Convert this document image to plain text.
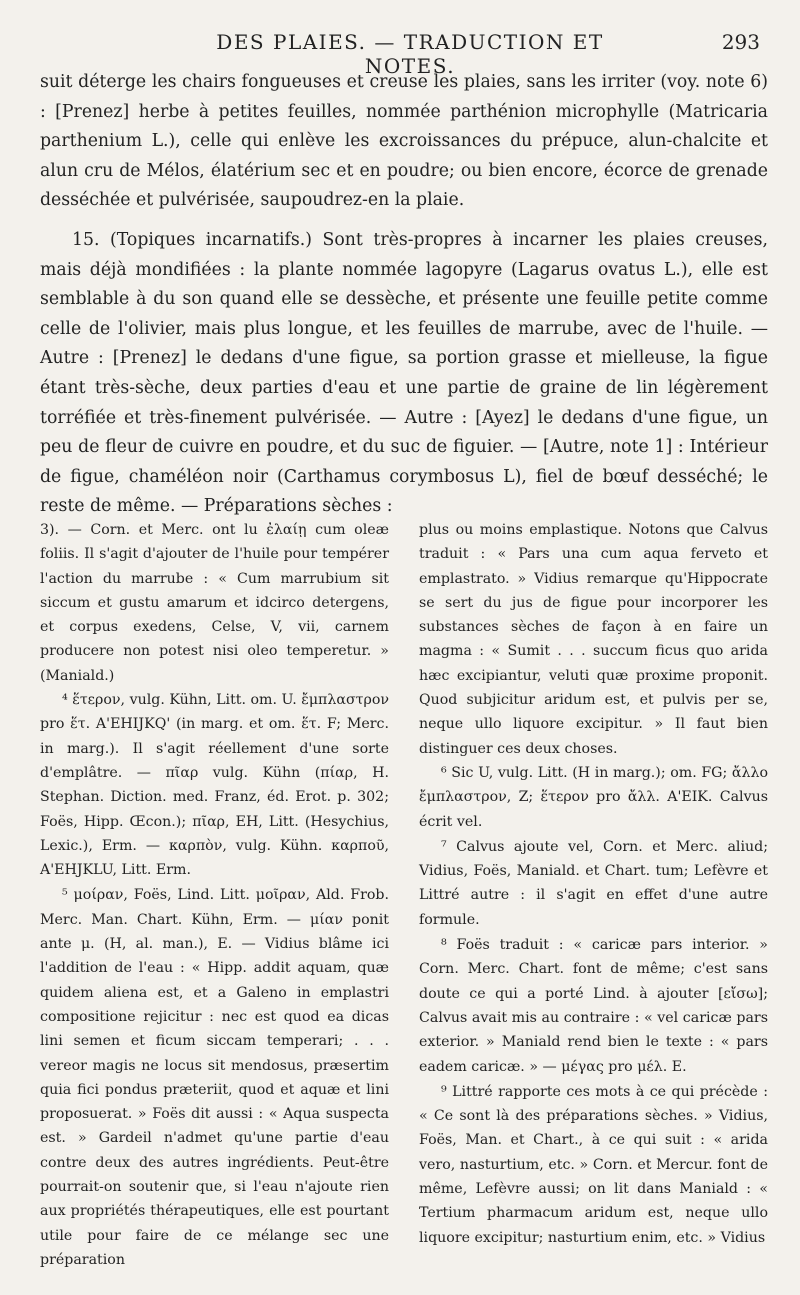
DES PLAIES. — TRADUCTION ET NOTES.
293

suit déterge les chairs fongueuses et creuse les plaies, sans les irriter (voy. note 6) : [Prenez] herbe à petites feuilles, nommée parthénion microphylle (Matricaria parthenium L.), celle qui enlève les excroissances du prépuce, alun-chalcite et alun cru de Mélos, élatérium sec et en poudre; ou bien encore, écorce de grenade desséchée et pulvérisée, saupoudrez-en la plaie.

15. (Topiques incarnatifs.) Sont très-propres à incarner les plaies creuses, mais déjà mondifiées : la plante nommée lagopyre (Lagarus ovatus L.), elle est semblable à du son quand elle se dessèche, et présente une feuille petite comme celle de l'olivier, mais plus longue, et les feuilles de marrube, avec de l'huile. — Autre : [Prenez] le dedans d'une figue, sa portion grasse et mielleuse, la figue étant très-sèche, deux parties d'eau et une partie de graine de lin légèrement torréfiée et très-finement pulvérisée. — Autre : [Ayez] le dedans d'une figue, un peu de fleur de cuivre en poudre, et du suc de figuier. — [Autre, note 1] : Intérieur de figue, chaméléon noir (Carthamus corymbosus L), fiel de bœuf desséché; le reste de même. — Préparations sèches :

3). — Corn. et Merc. ont lu ἐλαίῃ cum oleæ foliis. Il s'agit d'ajouter de l'huile pour tempérer l'action du marrube : « Cum marrubium sit siccum et gustu amarum et idcirco detergens, et corpus exedens, Celse, V, vii, carnem producere non potest nisi oleo temperetur. » (Maniald.)

⁴ ἕτερον, vulg. Kühn, Litt. om. U. ἔμπλαστρον pro ἕτ. A'EHIJKQ' (in marg. et om. ἕτ. F; Merc. in marg.). Il s'agit réellement d'une sorte d'emplâtre. — πῖαρ vulg. Kühn (πίαρ, H. Stephan. Diction. med. Franz, éd. Erot. p. 302; Foës, Hipp. Œcon.); πῖαρ, EH, Litt. (Hesychius, Lexic.), Erm. — καρπὸν, vulg. Kühn. καρποῦ, A'EHJKLU, Litt. Erm.

⁵ μοίραν, Foës, Lind. Litt. μοῖραν, Ald. Frob. Merc. Man. Chart. Kühn, Erm. — μίαν ponit ante μ. (H, al. man.), E. — Vidius blâme ici l'addition de l'eau : « Hipp. addit aquam, quæ quidem aliena est, et a Galeno in emplastri compositione rejicitur : nec est quod ea dicas lini semen et ficum siccam temperari; . . . vereor magis ne locus sit mendosus, præsertim quia fici pondus præteriit, quod et aquæ et lini proposuerat. » Foës dit aussi : « Aqua suspecta est. » Gardeil n'admet qu'une partie d'eau contre deux des autres ingrédients. Peut-être pourrait-on soutenir que, si l'eau n'ajoute rien aux propriétés thérapeutiques, elle est pourtant utile pour faire de ce mélange sec une préparation

plus ou moins emplastique. Notons que Calvus traduit : « Pars una cum aqua ferveto et emplastrato. » Vidius remarque qu'Hippocrate se sert du jus de figue pour incorporer les substances sèches de façon à en faire un magma : « Sumit . . . succum ficus quo arida hæc excipiantur, veluti quæ proxime proponit. Quod subjicitur aridum est, et pulvis per se, neque ullo liquore excipitur. » Il faut bien distinguer ces deux choses.

⁶ Sic U, vulg. Litt. (H in marg.); om. FG; ἄλλο ἔμπλαστρον, Z; ἕτερον pro ἄλλ. A'EIK. Calvus écrit vel.

⁷ Calvus ajoute vel, Corn. et Merc. aliud; Vidius, Foës, Maniald. et Chart. tum; Lefèvre et Littré autre : il s'agit en effet d'une autre formule.

⁸ Foës traduit : « caricæ pars interior. » Corn. Merc. Chart. font de même; c'est sans doute ce qui a porté Lind. à ajouter [εἴσω]; Calvus avait mis au contraire : « vel caricæ pars exterior. » Maniald rend bien le texte : « pars eadem caricæ. » — μέγας pro μέλ. E.

⁹ Littré rapporte ces mots à ce qui précède : « Ce sont là des préparations sèches. » Vidius, Foës, Man. et Chart., à ce qui suit : « arida vero, nasturtium, etc. » Corn. et Mercur. font de même, Lefèvre aussi; on lit dans Maniald : « Tertium pharmacum aridum est, neque ullo liquore excipitur; nasturtium enim, etc. » Vidius
